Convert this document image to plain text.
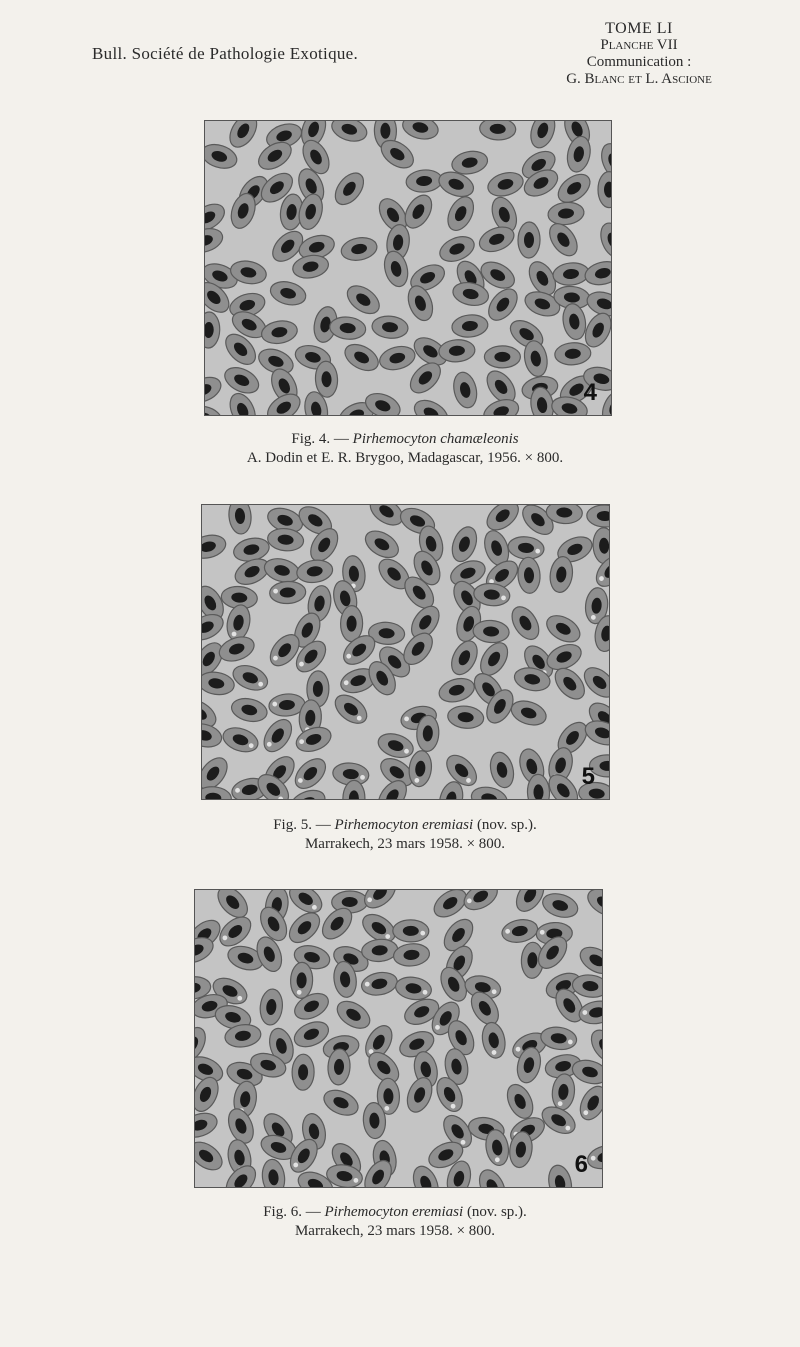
Bull. Société de Pathologie Exotique.
TOME LI
Planche VII
Communication :
G. Blanc et L. Ascione
4
Fig. 4. — Pirhemocyton chamæleonis
A. Dodin et E. R. Brygoo, Madagascar, 1956. × 800.
5
Fig. 5. — Pirhemocyton eremiasi (nov. sp.).
Marrakech, 23 mars 1958. × 800.
6
Fig. 6. — Pirhemocyton eremiasi (nov. sp.).
Marrakech, 23 mars 1958. × 800.
